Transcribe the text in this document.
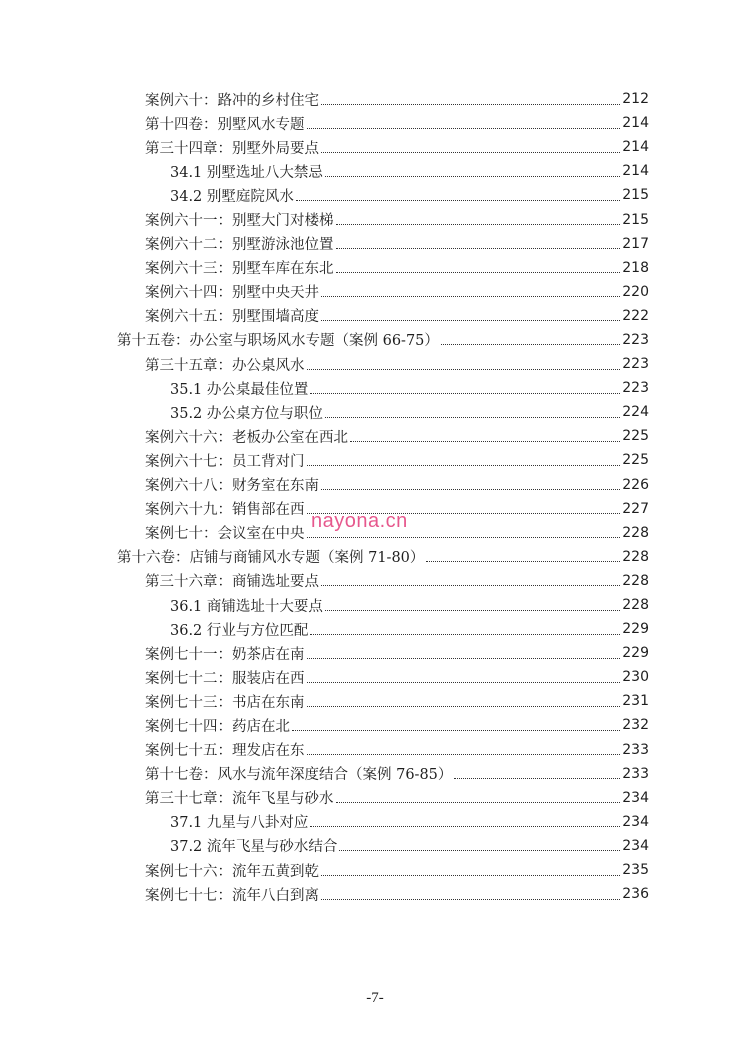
案例六十：路冲的乡村住宅	212
第十四卷：别墅风水专题	214
第三十四章：别墅外局要点	214
34.1 别墅选址八大禁忌	214
34.2 别墅庭院风水	215
案例六十一：别墅大门对楼梯	215
案例六十二：别墅游泳池位置	217
案例六十三：别墅车库在东北	218
案例六十四：别墅中央天井	220
案例六十五：别墅围墙高度	222
第十五卷：办公室与职场风水专题（案例 66-75）	223
第三十五章：办公桌风水	223
35.1 办公桌最佳位置	223
35.2 办公桌方位与职位	224
案例六十六：老板办公室在西北	225
案例六十七：员工背对门	225
案例六十八：财务室在东南	226
案例六十九：销售部在西	227
案例七十：会议室在中央	228
第十六卷：店铺与商铺风水专题（案例 71-80）	228
第三十六章：商铺选址要点	228
36.1 商铺选址十大要点	228
36.2 行业与方位匹配	229
案例七十一：奶茶店在南	229
案例七十二：服装店在西	230
案例七十三：书店在东南	231
案例七十四：药店在北	232
案例七十五：理发店在东	233
第十七卷：风水与流年深度结合（案例 76-85）	233
第三十七章：流年飞星与砂水	234
37.1 九星与八卦对应	234
37.2 流年飞星与砂水结合	234
案例七十六：流年五黄到乾	235
案例七十七：流年八白到离	236
nayona.cn
-7-
